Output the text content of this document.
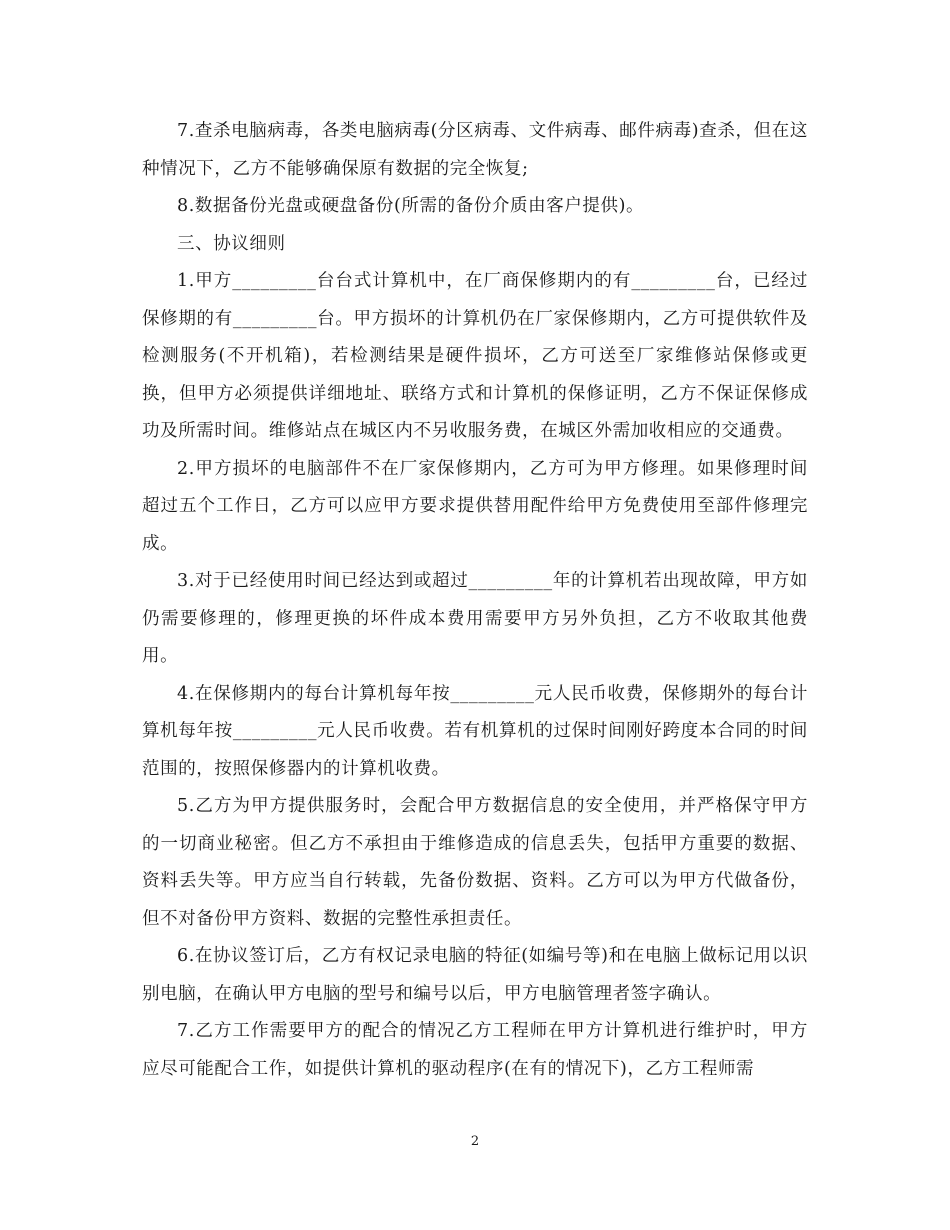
7.查杀电脑病毒，各类电脑病毒(分区病毒、文件病毒、邮件病毒)查杀，但在这种情况下，乙方不能够确保原有数据的完全恢复;

8.数据备份光盘或硬盘备份(所需的备份介质由客户提供)。

三、协议细则

1.甲方_________台台式计算机中，在厂商保修期内的有_________台，已经过保修期的有_________台。甲方损坏的计算机仍在厂家保修期内，乙方可提供软件及检测服务(不开机箱)，若检测结果是硬件损坏，乙方可送至厂家维修站保修或更换，但甲方必须提供详细地址、联络方式和计算机的保修证明，乙方不保证保修成功及所需时间。维修站点在城区内不另收服务费，在城区外需加收相应的交通费。

2.甲方损坏的电脑部件不在厂家保修期内，乙方可为甲方修理。如果修理时间超过五个工作日，乙方可以应甲方要求提供替用配件给甲方免费使用至部件修理完成。

3.对于已经使用时间已经达到或超过_________年的计算机若出现故障，甲方如仍需要修理的，修理更换的坏件成本费用需要甲方另外负担，乙方不收取其他费用。

4.在保修期内的每台计算机每年按_________元人民币收费，保修期外的每台计算机每年按_________元人民币收费。若有机算机的过保时间刚好跨度本合同的时间范围的，按照保修器内的计算机收费。

5.乙方为甲方提供服务时，会配合甲方数据信息的安全使用，并严格保守甲方的一切商业秘密。但乙方不承担由于维修造成的信息丢失，包括甲方重要的数据、资料丢失等。甲方应当自行转载，先备份数据、资料。乙方可以为甲方代做备份，但不对备份甲方资料、数据的完整性承担责任。

6.在协议签订后，乙方有权记录电脑的特征(如编号等)和在电脑上做标记用以识别电脑，在确认甲方电脑的型号和编号以后，甲方电脑管理者签字确认。

7.乙方工作需要甲方的配合的情况乙方工程师在甲方计算机进行维护时，甲方应尽可能配合工作，如提供计算机的驱动程序(在有的情况下)，乙方工程师需

2
